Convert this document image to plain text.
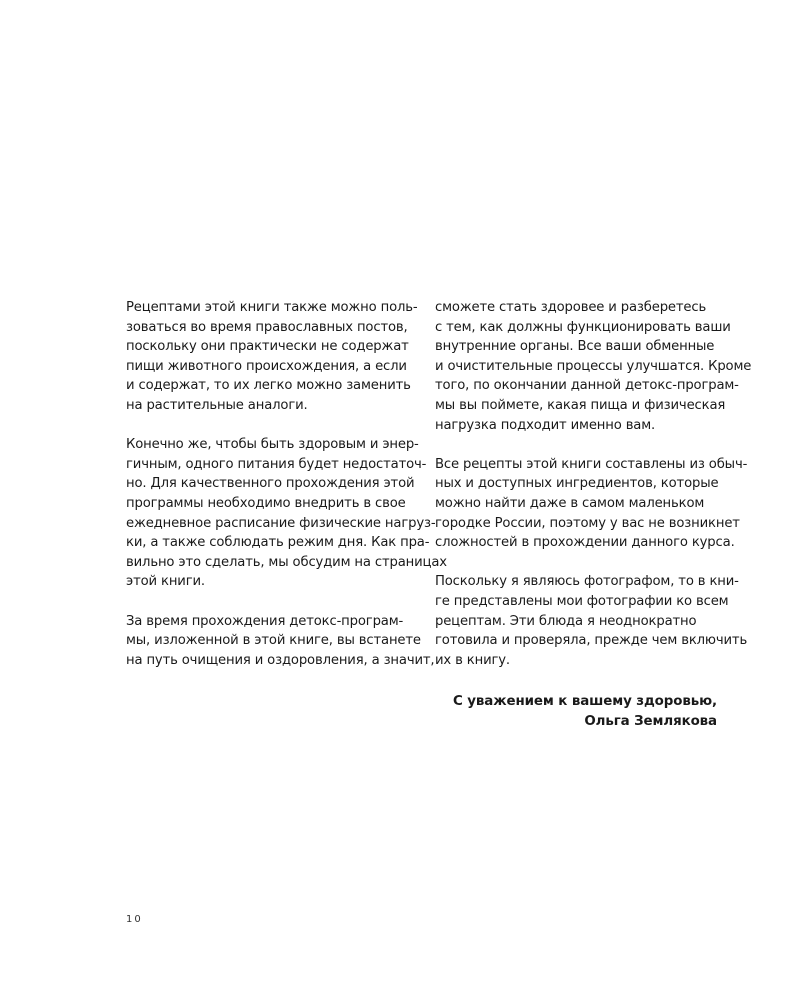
Рецептами этой книги также можно поль-
зоваться во время православных постов,
поскольку они практически не содержат
пищи животного происхождения, а если
и содержат, то их легко можно заменить
на растительные аналоги.
Конечно же, чтобы быть здоровым и энер-
гичным, одного питания будет недостаточ-
но. Для качественного прохождения этой
программы необходимо внедрить в свое
ежедневное расписание физические нагруз-
ки, а также соблюдать режим дня. Как пра-
вильно это сделать, мы обсудим на страницах
этой книги.
За время прохождения детокс-програм-
мы, изложенной в этой книге, вы встанете
на путь очищения и оздоровления, а значит,
сможете стать здоровее и разберетесь
с тем, как должны функционировать ваши
внутренние органы. Все ваши обменные
и очистительные процессы улучшатся. Кроме
того, по окончании данной детокс-програм-
мы вы поймете, какая пища и физическая
нагрузка подходит именно вам.
Все рецепты этой книги составлены из обыч-
ных и доступных ингредиентов, которые
можно найти даже в самом маленьком
городке России, поэтому у вас не возникнет
сложностей в прохождении данного курса.
Поскольку я являюсь фотографом, то в кни-
ге представлены мои фотографии ко всем
рецептам. Эти блюда я неоднократно
готовила и проверяла, прежде чем включить
их в книгу.
С уважением к вашему здоровью,
Ольга Землякова
10
